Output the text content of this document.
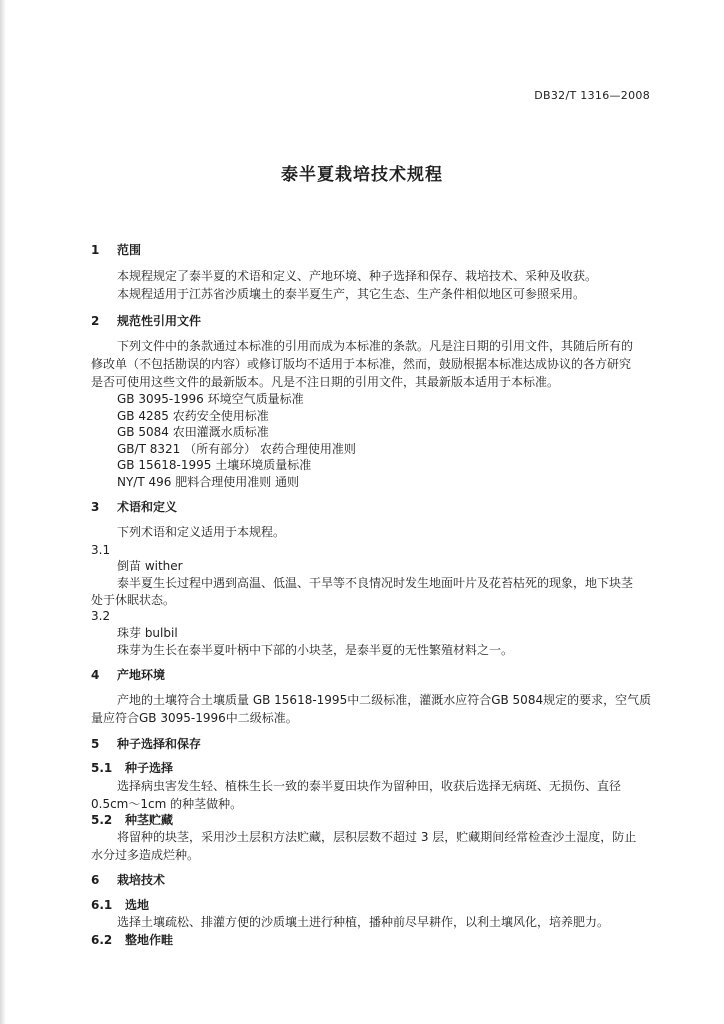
DB32/T 1316—2008
泰半夏栽培技术规程
1 范围
本规程规定了泰半夏的术语和定义、产地环境、种子选择和保存、栽培技术、采种及收获。
本规程适用于江苏省沙质壤土的泰半夏生产，其它生态、生产条件相似地区可参照采用。
2 规范性引用文件
下列文件中的条款通过本标准的引用而成为本标准的条款。凡是注日期的引用文件，其随后所有的
修改单（不包括勘误的内容）或修订版均不适用于本标准，然而，鼓励根据本标准达成协议的各方研究
是否可使用这些文件的最新版本。凡是不注日期的引用文件，其最新版本适用于本标准。
GB 3095-1996 环境空气质量标准
GB 4285 农药安全使用标准
GB 5084 农田灌溉水质标准
GB/T 8321 （所有部分） 农药合理使用准则
GB 15618-1995 土壤环境质量标准
NY/T 496 肥料合理使用准则 通则
3 术语和定义
下列术语和定义适用于本规程。
3.1
倒苗 wither
泰半夏生长过程中遇到高温、低温、干旱等不良情况时发生地面叶片及花苔枯死的现象，地下块茎
处于休眠状态。
3.2
珠芽 bulbil
珠芽为生长在泰半夏叶柄中下部的小块茎，是泰半夏的无性繁殖材料之一。
4 产地环境
产地的土壤符合土壤质量 GB 15618-1995中二级标准，灌溉水应符合GB 5084规定的要求，空气质
量应符合GB 3095-1996中二级标准。
5 种子选择和保存
5.1 种子选择
选择病虫害发生轻、植株生长一致的泰半夏田块作为留种田，收获后选择无病斑、无损伤、直径
0.5cm～1cm 的种茎做种。
5.2 种茎贮藏
将留种的块茎，采用沙土层积方法贮藏，层积层数不超过 3 层，贮藏期间经常检查沙土湿度，防止
水分过多造成烂种。
6 栽培技术
6.1 选地
选择土壤疏松、排灌方便的沙质壤土进行种植，播种前尽早耕作，以利土壤风化，培养肥力。
6.2 整地作畦
